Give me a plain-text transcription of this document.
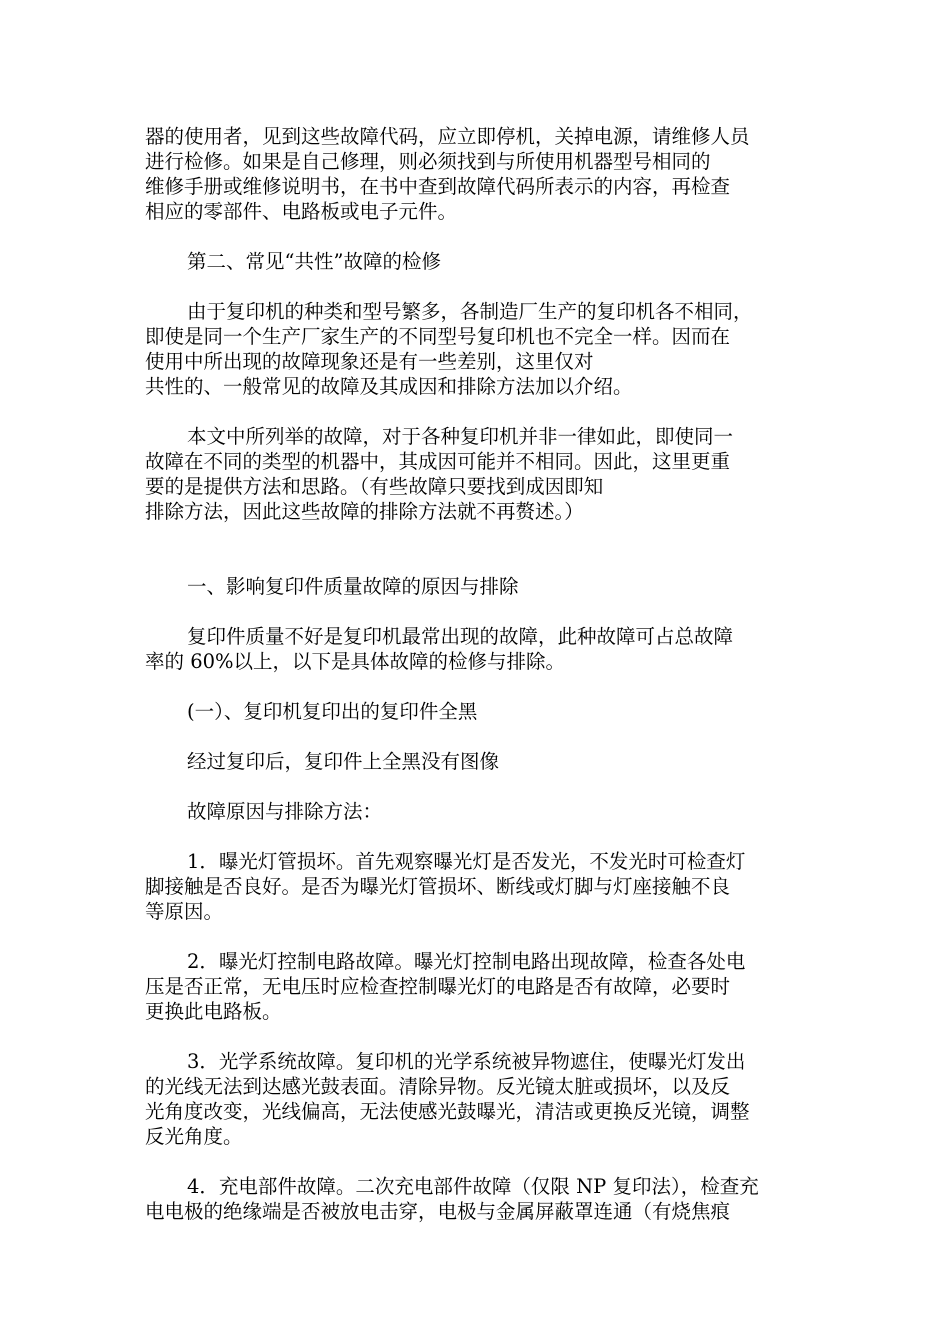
器的使用者，见到这些故障代码，应立即停机，关掉电源，请维修人员
进行检修。如果是自己修理，则必须找到与所使用机器型号相同的
维修手册或维修说明书，在书中查到故障代码所表示的内容，再检查
相应的零部件、电路板或电子元件。
第二、常见“共性”故障的检修
由于复印机的种类和型号繁多，各制造厂生产的复印机各不相同，
即使是同一个生产厂家生产的不同型号复印机也不完全一样。因而在
使用中所出现的故障现象还是有一些差别，这里仅对
共性的、一般常见的故障及其成因和排除方法加以介绍。
本文中所列举的故障，对于各种复印机并非一律如此，即使同一
故障在不同的类型的机器中，其成因可能并不相同。因此，这里更重
要的是提供方法和思路。（有些故障只要找到成因即知
排除方法，因此这些故障的排除方法就不再赘述。）
一、影响复印件质量故障的原因与排除
复印件质量不好是复印机最常出现的故障，此种故障可占总故障
率的 60%以上，以下是具体故障的检修与排除。
(一）、复印机复印出的复印件全黑
经过复印后，复印件上全黑没有图像
故障原因与排除方法：
1．曝光灯管损坏。首先观察曝光灯是否发光，不发光时可检查灯
脚接触是否良好。是否为曝光灯管损坏、断线或灯脚与灯座接触不良
等原因。
2．曝光灯控制电路故障。曝光灯控制电路出现故障，检查各处电
压是否正常，无电压时应检查控制曝光灯的电路是否有故障，必要时
更换此电路板。
3．光学系统故障。复印机的光学系统被异物遮住，使曝光灯发出
的光线无法到达感光鼓表面。清除异物。反光镜太脏或损坏，以及反
光角度改变，光线偏高，无法使感光鼓曝光，清洁或更换反光镜，调整
反光角度。
4．充电部件故障。二次充电部件故障（仅限 NP 复印法），检查充
电电极的绝缘端是否被放电击穿，电极与金属屏蔽罩连通（有烧焦痕
